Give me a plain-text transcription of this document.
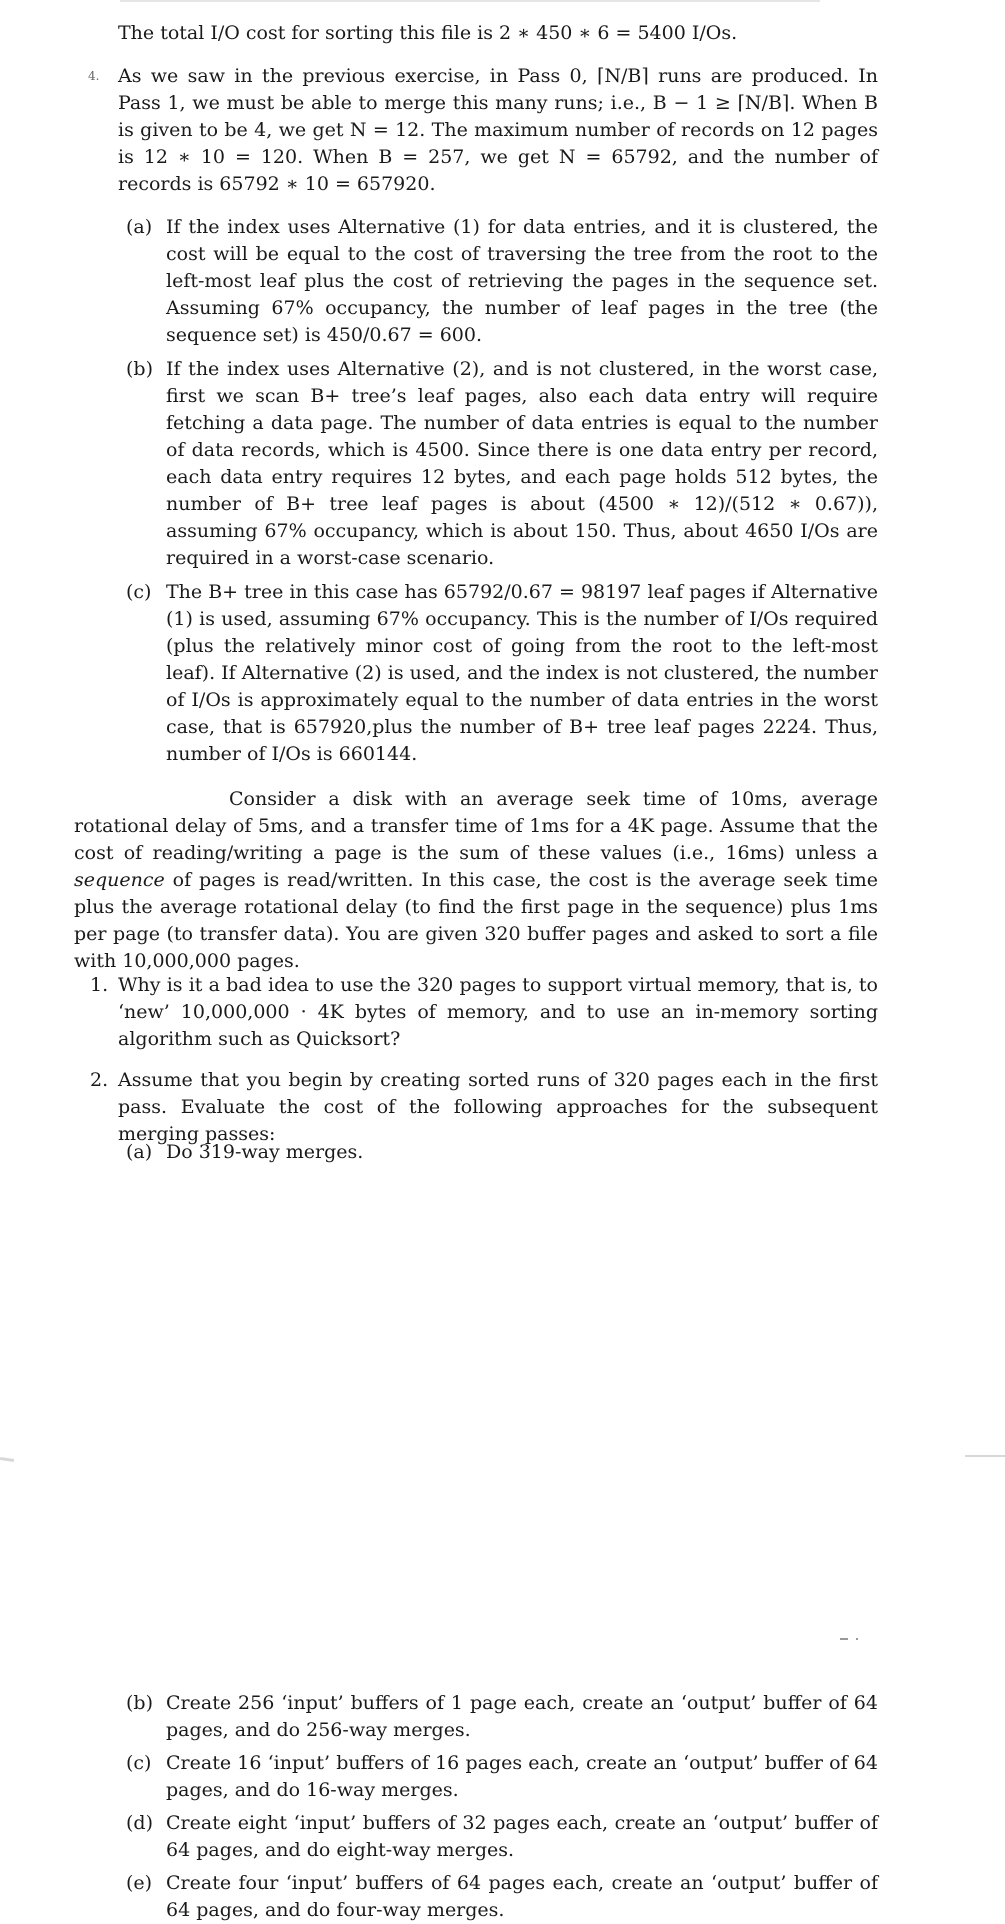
The total I/O cost for sorting this file is 2 ∗ 450 ∗ 6 = 5400 I/Os.

4. As we saw in the previous exercise, in Pass 0, ⌈N/B⌉ runs are produced. In Pass 1, we must be able to merge this many runs; i.e., B − 1 ≥ ⌈N/B⌉. When B is given to be 4, we get N = 12. The maximum number of records on 12 pages is 12 ∗ 10 = 120. When B = 257, we get N = 65792, and the number of records is 65792 ∗ 10 = 657920.

(a) If the index uses Alternative (1) for data entries, and it is clustered, the cost will be equal to the cost of traversing the tree from the root to the left-most leaf plus the cost of retrieving the pages in the sequence set. Assuming 67% occupancy, the number of leaf pages in the tree (the sequence set) is 450/0.67 = 600.

(b) If the index uses Alternative (2), and is not clustered, in the worst case, first we scan B+ tree’s leaf pages, also each data entry will require fetching a data page. The number of data entries is equal to the number of data records, which is 4500. Since there is one data entry per record, each data entry requires 12 bytes, and each page holds 512 bytes, the number of B+ tree leaf pages is about (4500 ∗ 12)/(512 ∗ 0.67)), assuming 67% occupancy, which is about 150. Thus, about 4650 I/Os are required in a worst-case scenario.

(c) The B+ tree in this case has 65792/0.67 = 98197 leaf pages if Alternative (1) is used, assuming 67% occupancy. This is the number of I/Os required (plus the relatively minor cost of going from the root to the left-most leaf). If Alternative (2) is used, and the index is not clustered, the number of I/Os is approximately equal to the number of data entries in the worst case, that is 657920,plus the number of B+ tree leaf pages 2224. Thus, number of I/Os is 660144.

Consider a disk with an average seek time of 10ms, average rotational delay of 5ms, and a transfer time of 1ms for a 4K page. Assume that the cost of reading/writing a page is the sum of these values (i.e., 16ms) unless a sequence of pages is read/written. In this case, the cost is the average seek time plus the average rotational delay (to find the first page in the sequence) plus 1ms per page (to transfer data). You are given 320 buffer pages and asked to sort a file with 10,000,000 pages.

1. Why is it a bad idea to use the 320 pages to support virtual memory, that is, to ‘new’ 10,000,000 · 4K bytes of memory, and to use an in-memory sorting algorithm such as Quicksort?

2. Assume that you begin by creating sorted runs of 320 pages each in the first pass. Evaluate the cost of the following approaches for the subsequent merging passes:

(a) Do 319-way merges.

(b) Create 256 ‘input’ buffers of 1 page each, create an ‘output’ buffer of 64 pages, and do 256-way merges.

(c) Create 16 ‘input’ buffers of 16 pages each, create an ‘output’ buffer of 64 pages, and do 16-way merges.

(d) Create eight ‘input’ buffers of 32 pages each, create an ‘output’ buffer of 64 pages, and do eight-way merges.

(e) Create four ‘input’ buffers of 64 pages each, create an ‘output’ buffer of 64 pages, and do four-way merges.
